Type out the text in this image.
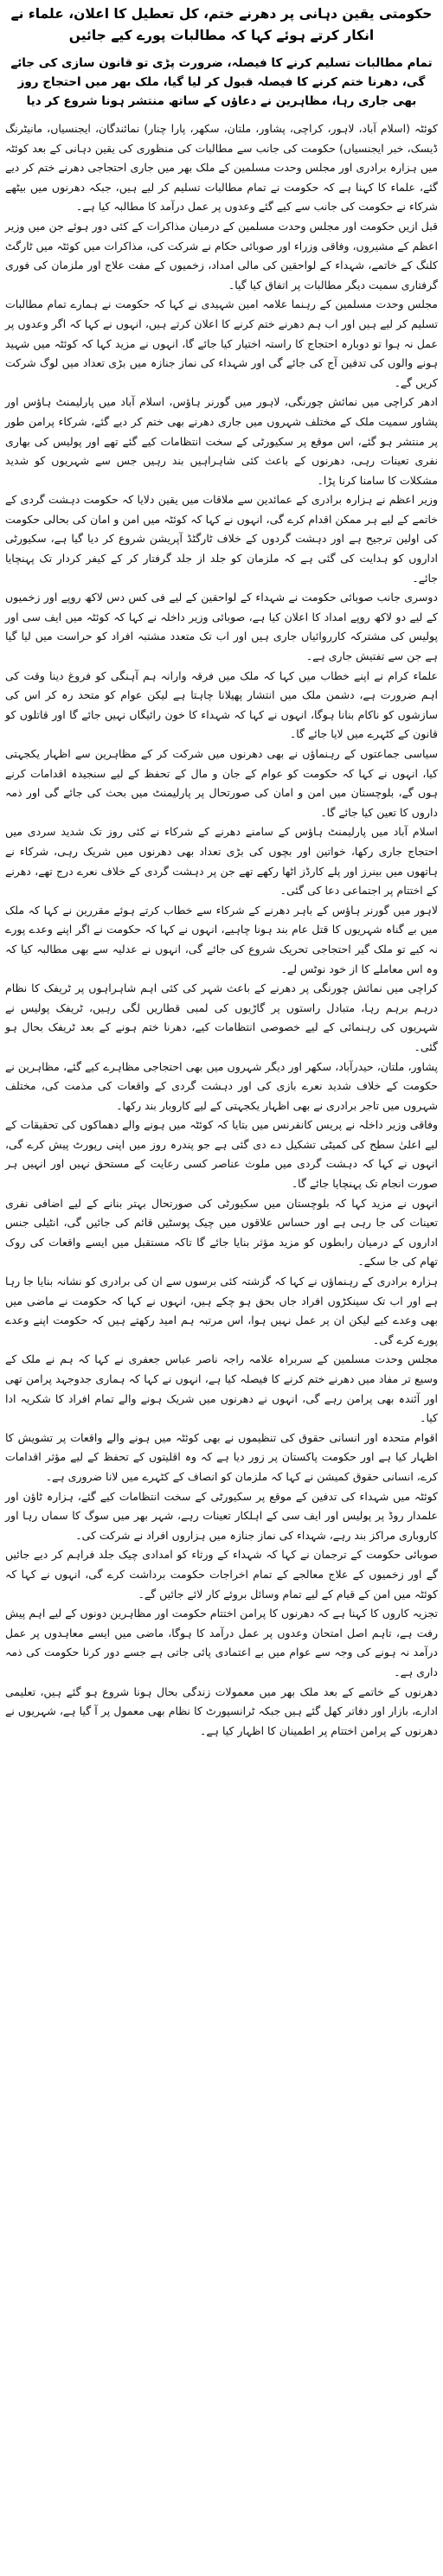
حکومتی یقین دہانی پر دھرنے ختم، کل تعطیل کا اعلان، علماء نے انکار کرتے ہوئے کہا کہ مطالبات پورے کیے جائیں
تمام مطالبات تسلیم کرنے کا فیصلہ، ضرورت پڑی تو قانون سازی کی جائے گی، دھرنا ختم کرنے کا فیصلہ قبول کر لیا گیا، ملک بھر میں احتجاج روز بھی جاری رہا، مظاہرین نے دعاؤں کے ساتھ منتشر ہونا شروع کر دیا

کوئٹہ (اسلام آباد، لاہور، کراچی، پشاور، ملتان، سکھر، پارا چنار) نمائندگان، ایجنسیاں، مانیٹرنگ ڈیسک، خبر ایجنسیاں) حکومت کی جانب سے مطالبات کی منظوری کی یقین دہانی کے بعد کوئٹہ میں ہزارہ برادری اور مجلس وحدت مسلمین کے ملک بھر میں جاری احتجاجی دھرنے ختم کر دیے گئے، علماء کا کہنا ہے کہ حکومت نے تمام مطالبات تسلیم کر لیے ہیں، جبکہ دھرنوں میں بیٹھے شرکاء نے حکومت کی جانب سے کیے گئے وعدوں پر عمل درآمد کا مطالبہ کیا ہے۔

قبل ازیں حکومت اور مجلس وحدت مسلمین کے درمیان مذاکرات کے کئی دور ہوئے جن میں وزیر اعظم کے مشیروں، وفاقی وزراء اور صوبائی حکام نے شرکت کی، مذاکرات میں کوئٹہ میں ٹارگٹ کلنگ کے خاتمے، شہداء کے لواحقین کی مالی امداد، زخمیوں کے مفت علاج اور ملزمان کی فوری گرفتاری سمیت دیگر مطالبات پر اتفاق کیا گیا۔

مجلس وحدت مسلمین کے رہنما علامہ امین شہیدی نے کہا کہ حکومت نے ہمارے تمام مطالبات تسلیم کر لیے ہیں اور اب ہم دھرنے ختم کرنے کا اعلان کرتے ہیں، انہوں نے کہا کہ اگر وعدوں پر عمل نہ ہوا تو دوبارہ احتجاج کا راستہ اختیار کیا جائے گا، انہوں نے مزید کہا کہ کوئٹہ میں شہید ہونے والوں کی تدفین آج کی جائے گی اور شہداء کی نماز جنازہ میں بڑی تعداد میں لوگ شرکت کریں گے۔

ادھر کراچی میں نمائش چورنگی، لاہور میں گورنر ہاؤس، اسلام آباد میں پارلیمنٹ ہاؤس اور پشاور سمیت ملک کے مختلف شہروں میں جاری دھرنے بھی ختم کر دیے گئے، شرکاء پرامن طور پر منتشر ہو گئے، اس موقع پر سکیورٹی کے سخت انتظامات کیے گئے تھے اور پولیس کی بھاری نفری تعینات رہی، دھرنوں کے باعث کئی شاہراہیں بند رہیں جس سے شہریوں کو شدید مشکلات کا سامنا کرنا پڑا۔

وزیر اعظم نے ہزارہ برادری کے عمائدین سے ملاقات میں یقین دلایا کہ حکومت دہشت گردی کے خاتمے کے لیے ہر ممکن اقدام کرے گی، انہوں نے کہا کہ کوئٹہ میں امن و امان کی بحالی حکومت کی اولین ترجیح ہے اور دہشت گردوں کے خلاف ٹارگٹڈ آپریشن شروع کر دیا گیا ہے، سکیورٹی اداروں کو ہدایت کی گئی ہے کہ ملزمان کو جلد از جلد گرفتار کر کے کیفر کردار تک پہنچایا جائے۔

دوسری جانب صوبائی حکومت نے شہداء کے لواحقین کے لیے فی کس دس لاکھ روپے اور زخمیوں کے لیے دو لاکھ روپے امداد کا اعلان کیا ہے، صوبائی وزیر داخلہ نے کہا کہ کوئٹہ میں ایف سی اور پولیس کی مشترکہ کارروائیاں جاری ہیں اور اب تک متعدد مشتبہ افراد کو حراست میں لیا گیا ہے جن سے تفتیش جاری ہے۔

علماء کرام نے اپنے خطاب میں کہا کہ ملک میں فرقہ وارانہ ہم آہنگی کو فروغ دینا وقت کی اہم ضرورت ہے، دشمن ملک میں انتشار پھیلانا چاہتا ہے لیکن عوام کو متحد رہ کر اس کی سازشوں کو ناکام بنانا ہوگا، انہوں نے کہا کہ شہداء کا خون رائیگاں نہیں جائے گا اور قاتلوں کو قانون کے کٹہرے میں لایا جائے گا۔

سیاسی جماعتوں کے رہنماؤں نے بھی دھرنوں میں شرکت کر کے مظاہرین سے اظہار یکجہتی کیا، انہوں نے کہا کہ حکومت کو عوام کے جان و مال کے تحفظ کے لیے سنجیدہ اقدامات کرنے ہوں گے، بلوچستان میں امن و امان کی صورتحال پر پارلیمنٹ میں بحث کی جائے گی اور ذمہ داروں کا تعین کیا جائے گا۔

اسلام آباد میں پارلیمنٹ ہاؤس کے سامنے دھرنے کے شرکاء نے کئی روز تک شدید سردی میں احتجاج جاری رکھا، خواتین اور بچوں کی بڑی تعداد بھی دھرنوں میں شریک رہی، شرکاء نے ہاتھوں میں بینرز اور پلے کارڈز اٹھا رکھے تھے جن پر دہشت گردی کے خلاف نعرے درج تھے، دھرنے کے اختتام پر اجتماعی دعا کی گئی۔

لاہور میں گورنر ہاؤس کے باہر دھرنے کے شرکاء سے خطاب کرتے ہوئے مقررین نے کہا کہ ملک میں بے گناہ شہریوں کا قتل عام بند ہونا چاہیے، انہوں نے کہا کہ حکومت نے اگر اپنے وعدے پورے نہ کیے تو ملک گیر احتجاجی تحریک شروع کی جائے گی، انہوں نے عدلیہ سے بھی مطالبہ کیا کہ وہ اس معاملے کا از خود نوٹس لے۔

کراچی میں نمائش چورنگی پر دھرنے کے باعث شہر کی کئی اہم شاہراہوں پر ٹریفک کا نظام درہم برہم رہا، متبادل راستوں پر گاڑیوں کی لمبی قطاریں لگی رہیں، ٹریفک پولیس نے شہریوں کی رہنمائی کے لیے خصوصی انتظامات کیے، دھرنا ختم ہونے کے بعد ٹریفک بحال ہو گئی۔

پشاور، ملتان، حیدرآباد، سکھر اور دیگر شہروں میں بھی احتجاجی مظاہرے کیے گئے، مظاہرین نے حکومت کے خلاف شدید نعرے بازی کی اور دہشت گردی کے واقعات کی مذمت کی، مختلف شہروں میں تاجر برادری نے بھی اظہار یکجہتی کے لیے کاروبار بند رکھا۔

وفاقی وزیر داخلہ نے پریس کانفرنس میں بتایا کہ کوئٹہ میں ہونے والے دھماکوں کی تحقیقات کے لیے اعلیٰ سطح کی کمیٹی تشکیل دے دی گئی ہے جو پندرہ روز میں اپنی رپورٹ پیش کرے گی، انہوں نے کہا کہ دہشت گردی میں ملوث عناصر کسی رعایت کے مستحق نہیں اور انہیں ہر صورت انجام تک پہنچایا جائے گا۔

انہوں نے مزید کہا کہ بلوچستان میں سکیورٹی کی صورتحال بہتر بنانے کے لیے اضافی نفری تعینات کی جا رہی ہے اور حساس علاقوں میں چیک پوسٹیں قائم کی جائیں گی، انٹیلی جنس اداروں کے درمیان رابطوں کو مزید مؤثر بنایا جائے گا تاکہ مستقبل میں ایسے واقعات کی روک تھام کی جا سکے۔

ہزارہ برادری کے رہنماؤں نے کہا کہ گزشتہ کئی برسوں سے ان کی برادری کو نشانہ بنایا جا رہا ہے اور اب تک سینکڑوں افراد جاں بحق ہو چکے ہیں، انہوں نے کہا کہ حکومت نے ماضی میں بھی وعدے کیے لیکن ان پر عمل نہیں ہوا، اس مرتبہ ہم امید رکھتے ہیں کہ حکومت اپنے وعدے پورے کرے گی۔

مجلس وحدت مسلمین کے سربراہ علامہ راجہ ناصر عباس جعفری نے کہا کہ ہم نے ملک کے وسیع تر مفاد میں دھرنے ختم کرنے کا فیصلہ کیا ہے، انہوں نے کہا کہ ہماری جدوجہد پرامن تھی اور آئندہ بھی پرامن رہے گی، انہوں نے دھرنوں میں شریک ہونے والے تمام افراد کا شکریہ ادا کیا۔

اقوام متحدہ اور انسانی حقوق کی تنظیموں نے بھی کوئٹہ میں ہونے والے واقعات پر تشویش کا اظہار کیا ہے اور حکومت پاکستان پر زور دیا ہے کہ وہ اقلیتوں کے تحفظ کے لیے مؤثر اقدامات کرے، انسانی حقوق کمیشن نے کہا کہ ملزمان کو انصاف کے کٹہرے میں لانا ضروری ہے۔

کوئٹہ میں شہداء کی تدفین کے موقع پر سکیورٹی کے سخت انتظامات کیے گئے، ہزارہ ٹاؤن اور علمدار روڈ پر پولیس اور ایف سی کے اہلکار تعینات رہے، شہر بھر میں سوگ کا سماں رہا اور کاروباری مراکز بند رہے، شہداء کی نماز جنازہ میں ہزاروں افراد نے شرکت کی۔

صوبائی حکومت کے ترجمان نے کہا کہ شہداء کے ورثاء کو امدادی چیک جلد فراہم کر دیے جائیں گے اور زخمیوں کے علاج معالجے کے تمام اخراجات حکومت برداشت کرے گی، انہوں نے کہا کہ کوئٹہ میں امن کے قیام کے لیے تمام وسائل بروئے کار لائے جائیں گے۔

تجزیہ کاروں کا کہنا ہے کہ دھرنوں کا پرامن اختتام حکومت اور مظاہرین دونوں کے لیے اہم پیش رفت ہے، تاہم اصل امتحان وعدوں پر عمل درآمد کا ہوگا، ماضی میں ایسے معاہدوں پر عمل درآمد نہ ہونے کی وجہ سے عوام میں بے اعتمادی پائی جاتی ہے جسے دور کرنا حکومت کی ذمہ داری ہے۔

دھرنوں کے خاتمے کے بعد ملک بھر میں معمولات زندگی بحال ہونا شروع ہو گئے ہیں، تعلیمی ادارے، بازار اور دفاتر کھل گئے ہیں جبکہ ٹرانسپورٹ کا نظام بھی معمول پر آ گیا ہے، شہریوں نے دھرنوں کے پرامن اختتام پر اطمینان کا اظہار کیا ہے۔
